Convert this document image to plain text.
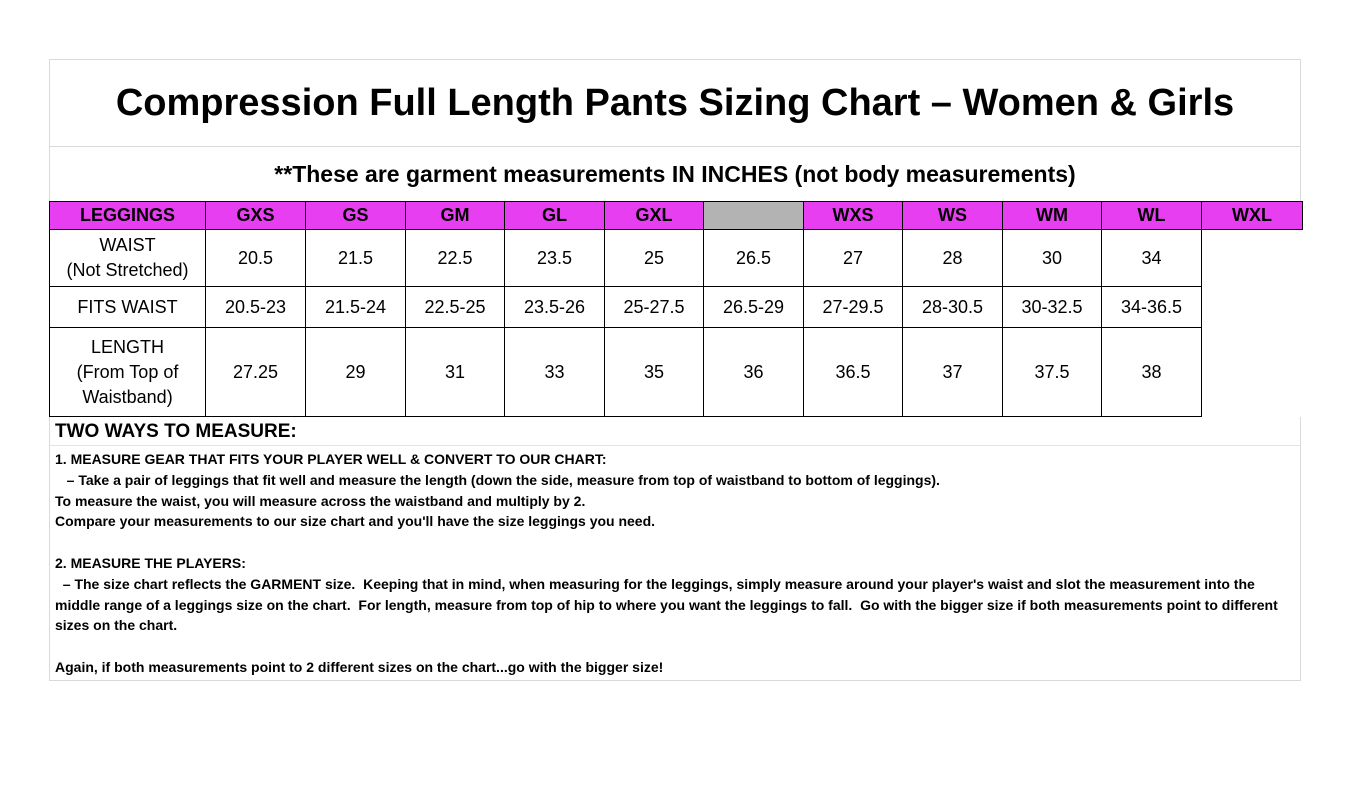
Compression Full Length Pants Sizing Chart – Women & Girls
**These are garment measurements IN INCHES (not body measurements)
LEGGINGS	GXS	GS	GM	GL	GXL		WXS	WS	WM	WL	WXL
WAIST
(Not Stretched)	20.5	21.5	22.5	23.5	25	26.5	27	28	30	34	
FITS WAIST	20.5-23	21.5-24	22.5-25	23.5-26	25-27.5	26.5-29	27-29.5	28-30.5	30-32.5	34-36.5	
LENGTH
(From Top of
Waistband)	27.25	29	31	33	35	36	36.5	37	37.5	38	
TWO WAYS TO MEASURE:

1. MEASURE GEAR THAT FITS YOUR PLAYER WELL & CONVERT TO OUR CHART:

– Take a pair of leggings that fit well and measure the length (down the side, measure from top of waistband to bottom of leggings).

To measure the waist, you will measure across the waistband and multiply by 2.

Compare your measurements to our size chart and you'll have the size leggings you need.

2. MEASURE THE PLAYERS:

– The size chart reflects the GARMENT size.  Keeping that in mind, when measuring for the leggings, simply measure around your player's waist and slot the measurement into the middle range of a leggings size on the chart.  For length, measure from top of hip to where you want the leggings to fall.  Go with the bigger size if both measurements point to different sizes on the chart.

Again, if both measurements point to 2 different sizes on the chart...go with the bigger size!
